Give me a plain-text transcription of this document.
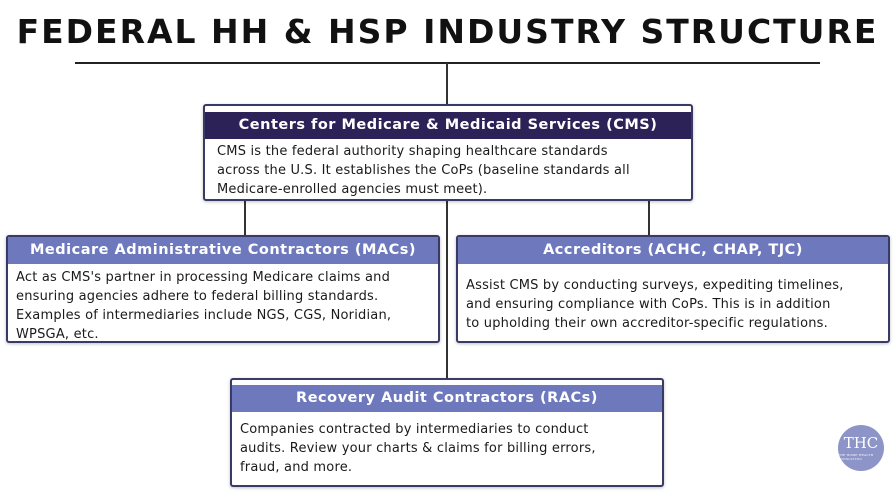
FEDERAL HH & HSP INDUSTRY STRUCTURE
Centers for Medicare & Medicaid Services (CMS)
CMS is the federal authority shaping healthcare standards
across the U.S. It establishes the CoPs (baseline standards all
Medicare-enrolled agencies must meet).
Medicare Administrative Contractors (MACs)
Act as CMS's partner in processing Medicare claims and
ensuring agencies adhere to federal billing standards.
Examples of intermediaries include NGS, CGS, Noridian,
WPSGA, etc.
Accreditors (ACHC, CHAP, TJC)
Assist CMS by conducting surveys, expediting timelines,
and ensuring compliance with CoPs. This is in addition
to upholding their own accreditor-specific regulations.
Recovery Audit Contractors (RACs)
Companies contracted by intermediaries to conduct
audits. Review your charts & claims for billing errors,
fraud, and more.
THC
THE HOME HEALTH CONSULTING
